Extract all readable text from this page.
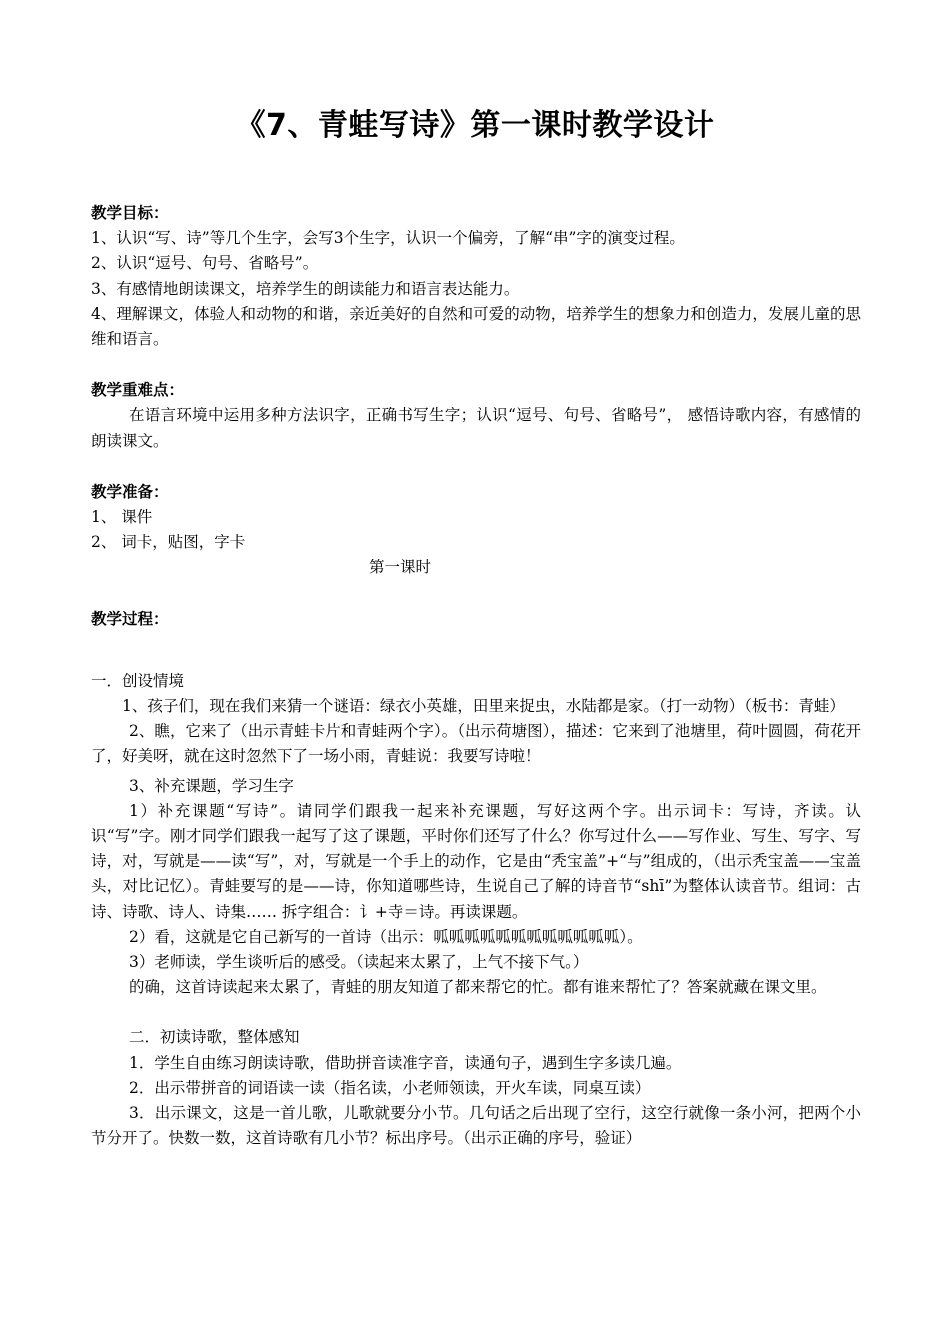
《7、青蛙写诗》第一课时教学设计

教学目标：

1、认识“写、诗”等几个生字，会写3个生字，认识一个偏旁，了解“串”字的演变过程。

2、认识“逗号、句号、省略号”。

3、有感情地朗读课文，培养学生的朗读能力和语言表达能力。

4、理解课文，体验人和动物的和谐，亲近美好的自然和可爱的动物，培养学生的想象力和创造力，发展儿童的思维和语言。

教学重难点：

在语言环境中运用多种方法识字，正确书写生字；认识“逗号、句号、省略号”， 感悟诗歌内容，有感情的朗读课文。

教学准备：

1、 课件

2、 词卡，贴图，字卡

第一课时

教学过程：

一．创设情境

1、孩子们，现在我们来猜一个谜语：绿衣小英雄，田里来捉虫，水陆都是家。（打一动物）（板书：青蛙）

2、瞧，它来了（出示青蛙卡片和青蛙两个字）。（出示荷塘图），描述：它来到了池塘里，荷叶圆圆，荷花开了，好美呀，就在这时忽然下了一场小雨，青蛙说：我要写诗啦！

3、补充课题，学习生字

1）补充课题“写诗”。请同学们跟我一起来补充课题，写好这两个字。出示词卡：写诗，齐读。认识“写”字。刚才同学们跟我一起写了这了课题，平时你们还写了什么？你写过什么——写作业、写生、写字、写诗，对，写就是——读“写”，对，写就是一个手上的动作，它是由“秃宝盖”+“与”组成的，（出示秃宝盖——宝盖头，对比记忆）。青蛙要写的是——诗，你知道哪些诗，生说自己了解的诗音节“shī”为整体认读音节。组词：古诗、诗歌、诗人、诗集…… 拆字组合：讠+寺＝诗。再读课题。

2）看，这就是它自己新写的一首诗（出示：呱呱呱呱呱呱呱呱呱呱呱呱）。

3）老师读，学生谈听后的感受。（读起来太累了，上气不接下气。）

的确，这首诗读起来太累了，青蛙的朋友知道了都来帮它的忙。都有谁来帮忙了？答案就藏在课文里。

二．初读诗歌，整体感知

1．学生自由练习朗读诗歌，借助拼音读准字音，读通句子，遇到生字多读几遍。

2．出示带拼音的词语读一读（指名读，小老师领读，开火车读，同桌互读）

3．出示课文，这是一首儿歌，儿歌就要分小节。几句话之后出现了空行，这空行就像一条小河，把两个小节分开了。快数一数，这首诗歌有几小节？标出序号。（出示正确的序号，验证）
